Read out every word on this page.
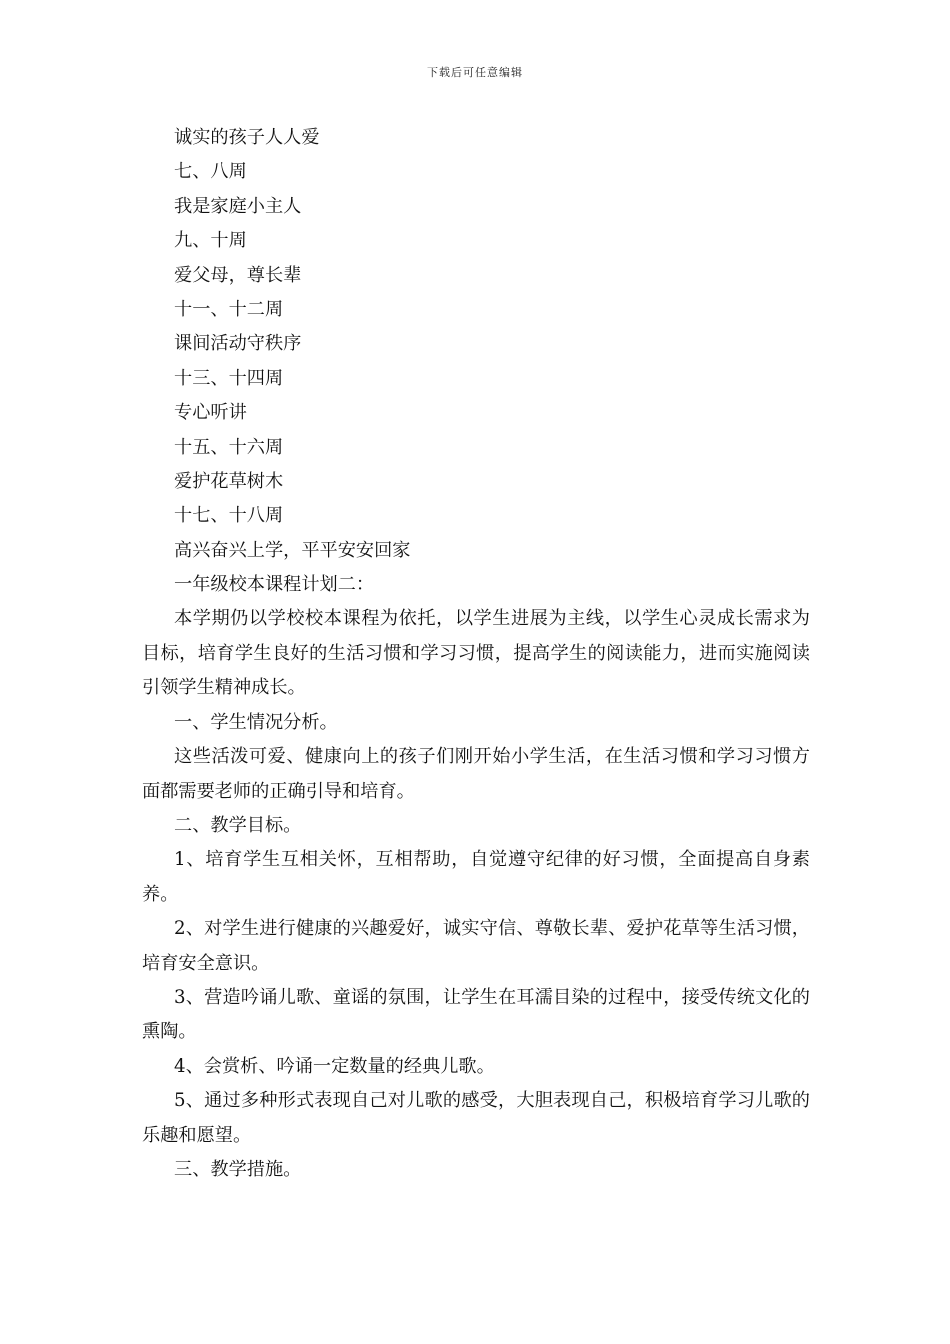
下载后可任意编辑
诚实的孩子人人爱
七、八周
我是家庭小主人
九、十周
爱父母，尊长辈
十一、十二周
课间活动守秩序
十三、十四周
专心听讲
十五、十六周
爱护花草树木
十七、十八周
高兴奋兴上学，平平安安回家
一年级校本课程计划二：
本学期仍以学校校本课程为依托，以学生进展为主线，以学生心灵成长需求为目标，培育学生良好的生活习惯和学习习惯，提高学生的阅读能力，进而实施阅读引领学生精神成长。
一、学生情况分析。
这些活泼可爱、健康向上的孩子们刚开始小学生活，在生活习惯和学习习惯方面都需要老师的正确引导和培育。
二、教学目标。
1、培育学生互相关怀，互相帮助，自觉遵守纪律的好习惯，全面提高自身素养。
2、对学生进行健康的兴趣爱好，诚实守信、尊敬长辈、爱护花草等生活习惯，培育安全意识。
3、营造吟诵儿歌、童谣的氛围，让学生在耳濡目染的过程中，接受传统文化的熏陶。
4、会赏析、吟诵一定数量的经典儿歌。
5、通过多种形式表现自己对儿歌的感受，大胆表现自己，积极培育学习儿歌的乐趣和愿望。
三、教学措施。
